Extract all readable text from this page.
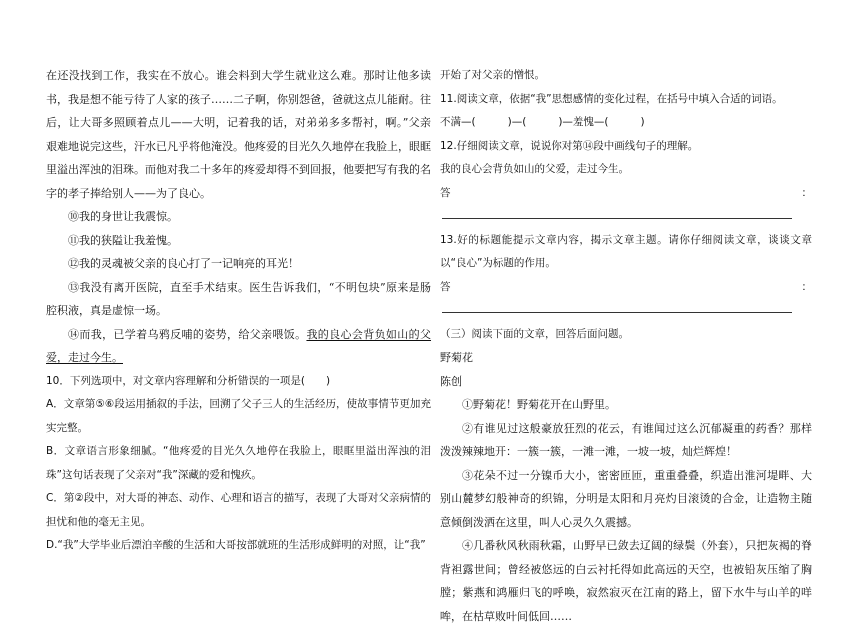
在还没找到工作，我实在不放心。谁会料到大学生就业这么难。那时让他多读书，我是想不能亏待了人家的孩子……二子啊，你别怨爸，爸就这点儿能耐。往后，让大哥多照顾着点儿——大明，记着我的话，对弟弟多多帮衬，啊。”父亲艰难地说完这些，汗水已凡乎将他淹没。他疼爱的目光久久地停在我脸上，眼眶里溢出浑浊的泪珠。而他对我二十多年的疼爱却得不到回报，他要把写有我的名字的孝子捧给别人——为了良心。

⑩我的身世让我震惊。

⑪我的狭隘让我羞愧。

⑫我的灵魂被父亲的良心打了一记响亮的耳光！

⑬我没有离开医院，直至手术结束。医生告诉我们，“不明包块”原来是肠腔积液，真是虚惊一场。

⑭而我，已学着乌鸦反哺的姿势，给父亲喂饭。我的良心会背负如山的父爱，走过今生。

10．下列选项中，对文章内容理解和分析错误的一项是(　　)

A．文章第⑤⑥段运用插叙的手法，回溯了父子三人的生活经历，使故事情节更加充实完整。

B．文章语言形象细腻。“他疼爱的目光久久地停在我脸上，眼眶里溢出浑浊的泪珠”这句话表现了父亲对“我”深藏的爱和愧疚。

C．第②段中，对大哥的神态、动作、心理和语言的描写，表现了大哥对父亲病情的担忧和他的毫无主见。

D.“我”大学毕业后漂泊辛酸的生活和大哥按部就班的生活形成鲜明的对照，让“我”

开始了对父亲的憎恨。

11.阅读文章，依据“我”思想感情的变化过程，在括号中填入合适的词语。

不满—(	)—(	)—羞愧—(	)

12.仔细阅读文章，说说你对第⑭段中画线句子的理解。

我的良心会背负如山的父爱，走过今生。

答：

13.好的标题能提示文章内容，揭示文章主题。请你仔细阅读文章，谈谈文章以“良心”为标题的作用。

答：

（三）阅读下面的文章，回答后面问题。

野菊花

陈创

①野菊花！野菊花开在山野里。

②有谁见过这般豪放狂烈的花云，有谁闻过这么沉郁凝重的药香？那样泼泼辣辣地开：一簇一簇，一滩一滩，一坡一坡，灿烂辉煌！

③花朵不过一分镍币大小，密密匝匝，重重叠叠，织造出淮河堤畔、大别山麓梦幻般神奇的织锦，分明是太阳和月亮灼目滚烫的合金，让造物主随意倾倒泼洒在这里，叫人心灵久久震撼。

④几番秋风秋雨秋霜，山野早已敛去辽阔的绿鬓（外套），只把灰褐的脊背袒露世间；曾经被悠远的白云衬托得如此高远的天空，也被铅灰压缩了胸膛；紫燕和鸿雁归飞的呼唤，寂然寂灭在江南的路上，留下水牛与山羊的咩哞，在枯草败叶间低回……
